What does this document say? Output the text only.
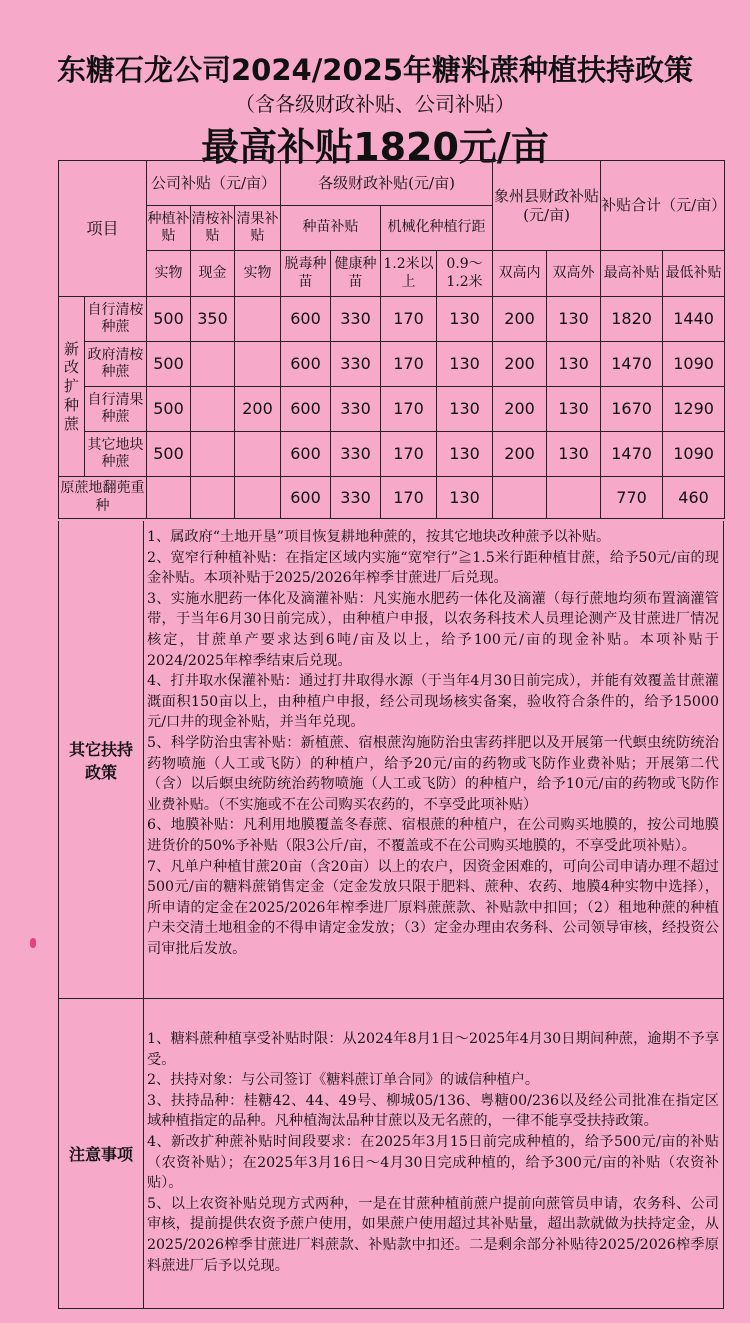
东糖石龙公司2024/2025年糖料蔗种植扶持政策
（含各级财政补贴、公司补贴）
最高补贴1820元/亩
项目		公司补贴（元/亩）			各级财政补贴(元/亩)				象州县财政补贴(元/亩)		补贴合计（元/亩）	
		种植补贴	清桉补贴	清果补贴	种苗补贴		机械化种植行距					
		实物	现金	实物	脱毒种苗	健康种苗	1.2米以上	0.9～1.2米	双高内	双高外	最高补贴	最低补贴
新改扩种蔗	自行清桉种蔗	500	350		600	330	170	130	200	130	1820	1440
	政府清桉种蔗	500			600	330	170	130	200	130	1470	1090
	自行清果种蔗	500		200	600	330	170	130	200	130	1670	1290
	其它地块种蔗	500			600	330	170	130	200	130	1470	1090
原蔗地翻蔸重种					600	330	170	130			770	460
其它扶持政策

1、属政府“土地开垦”项目恢复耕地种蔗的，按其它地块改种蔗予以补贴。

2、宽窄行种植补贴：在指定区域内实施“宽窄行”≧1.5米行距种植甘蔗，给予50元/亩的现金补贴。本项补贴于2025/2026年榨季甘蔗进厂后兑现。

3、实施水肥药一体化及滴灌补贴：凡实施水肥药一体化及滴灌（每行蔗地均须布置滴灌管带，于当年6月30日前完成），由种植户申报，以农务科技术人员理论测产及甘蔗进厂情况核定，甘蔗单产要求达到6吨/亩及以上，给予100元/亩的现金补贴。本项补贴于2024/2025年榨季结束后兑现。

4、打井取水保灌补贴：通过打井取得水源（于当年4月30日前完成），并能有效覆盖甘蔗灌溉面积150亩以上，由种植户申报，经公司现场核实备案，验收符合条件的，给予15000元/口井的现金补贴，并当年兑现。

5、科学防治虫害补贴：新植蔗、宿根蔗沟施防治虫害药拌肥以及开展第一代螟虫统防统治药物喷施（人工或飞防）的种植户，给予20元/亩的药物或飞防作业费补贴；开展第二代（含）以后螟虫统防统治药物喷施（人工或飞防）的种植户，给予10元/亩的药物或飞防作业费补贴。（不实施或不在公司购买农药的，不享受此项补贴）

6、地膜补贴：凡利用地膜覆盖冬春蔗、宿根蔗的种植户，在公司购买地膜的，按公司地膜进货价的50%予补贴（限3公斤/亩，不覆盖或不在公司购买地膜的，不享受此项补贴）。

7、凡单户种植甘蔗20亩（含20亩）以上的农户，因资金困难的，可向公司申请办理不超过500元/亩的糖料蔗销售定金（定金发放只限于肥料、蔗种、农药、地膜4种实物中选择），所申请的定金在2025/2026年榨季进厂原料蔗蔗款、补贴款中扣回；（2）租地种蔗的种植户未交清土地租金的不得申请定金发放；（3）定金办理由农务科、公司领导审核，经投资公司审批后发放。

注意事项

1、糖料蔗种植享受补贴时限：从2024年8月1日～2025年4月30日期间种蔗，逾期不予享受。

2、扶持对象：与公司签订《糖料蔗订单合同》的诚信种植户。

3、扶持品种：桂糖42、44、49号、柳城05/136、粤糖00/236以及经公司批准在指定区域种植指定的品种。凡种植淘汰品种甘蔗以及无名蔗的，一律不能享受扶持政策。

4、新改扩种蔗补贴时间段要求：在2025年3月15日前完成种植的，给予500元/亩的补贴（农资补贴）；在2025年3月16日～4月30日完成种植的，给予300元/亩的补贴（农资补贴）。

5、以上农资补贴兑现方式两种，一是在甘蔗种植前蔗户提前向蔗管员申请，农务科、公司审核，提前提供农资予蔗户使用，如果蔗户使用超过其补贴量，超出款就做为扶持定金，从2025/2026榨季甘蔗进厂料蔗款、补贴款中扣还。二是剩余部分补贴待2025/2026榨季原料蔗进厂后予以兑现。
